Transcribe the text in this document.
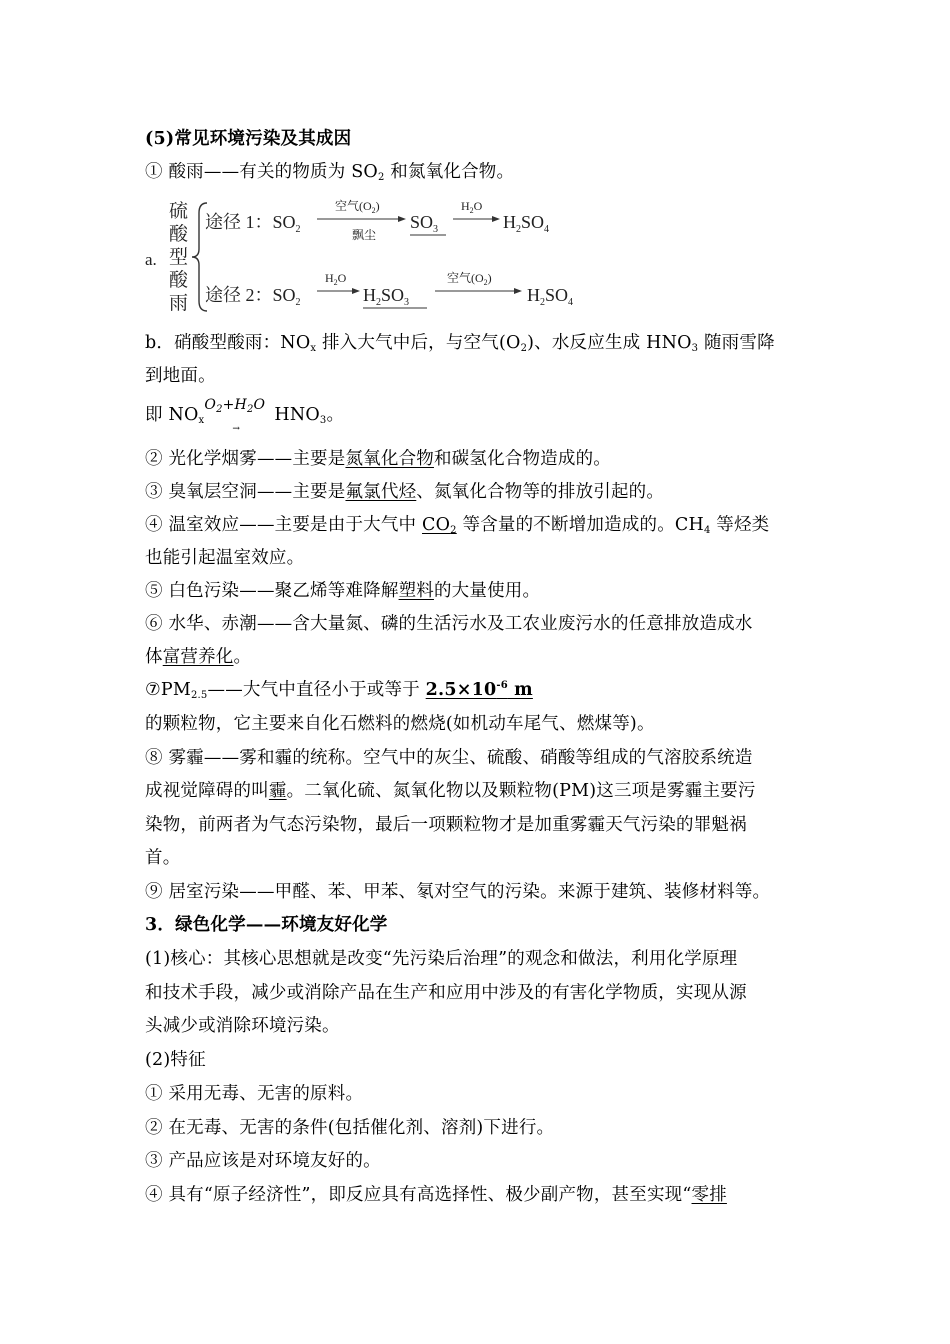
(5)常见环境污染及其成因
① 酸雨——有关的物质为 $SO_2$ 和氮氧化合物。
a.
硫
酸
型
酸
雨
途径 1：$SO_2$
空气$(O_2)$
飘尘
$SO_3$
$H_2O$
$H_2SO_4$
途径 2：$SO_2$
$H_2O$
$H_2SO_3$
空气$(O_2)$
$H_2SO_4$
b．硝酸型酸雨：$NO_x$ 排入大气中后，与空气$(O_2)$、水反应生成 $HNO_3$ 随雨雪降
到地面。
即 $NO_x$
$O_2+H_2O$
→
$HNO_3$。
② 光化学烟雾——主要是氮氧化合物和碳氢化合物造成的。
③ 臭氧层空洞——主要是氟氯代烃、氮氧化合物等的排放引起的。
④ 温室效应——主要是由于大气中 $CO_2$ 等含量的不断增加造成的。$CH_4$ 等烃类
也能引起温室效应。
⑤ 白色污染——聚乙烯等难降解塑料的大量使用。
⑥ 水华、赤潮——含大量氮、磷的生活污水及工农业废污水的任意排放造成水
体富营养化。
$⑦PM_{2.5}——$大气中直径小于或等于 $2.5\times 10^{-6}$ m
的颗粒物，它主要来自化石燃料的燃烧(如机动车尾气、燃煤等)。
⑧ 雾霾——雾和霾的统称。空气中的灰尘、硫酸、硝酸等组成的气溶胶系统造
成视觉障碍的叫霾。二氧化硫、氮氧化物以及颗粒物(PM)这三项是雾霾主要污
染物，前两者为气态污染物，最后一项颗粒物才是加重雾霾天气污染的罪魁祸
首。
⑨ 居室污染——甲醛、苯、甲苯、氡对空气的污染。来源于建筑、装修材料等。
3．绿色化学——环境友好化学
(1)核心：其核心思想就是改变“先污染后治理”的观念和做法，利用化学原理
和技术手段，减少或消除产品在生产和应用中涉及的有害化学物质，实现从源
头减少或消除环境污染。
(2)特征
① 采用无毒、无害的原料。
② 在无毒、无害的条件(包括催化剂、溶剂)下进行。
③ 产品应该是对环境友好的。
④ 具有“原子经济性”，即反应具有高选择性、极少副产物，甚至实现“零排
